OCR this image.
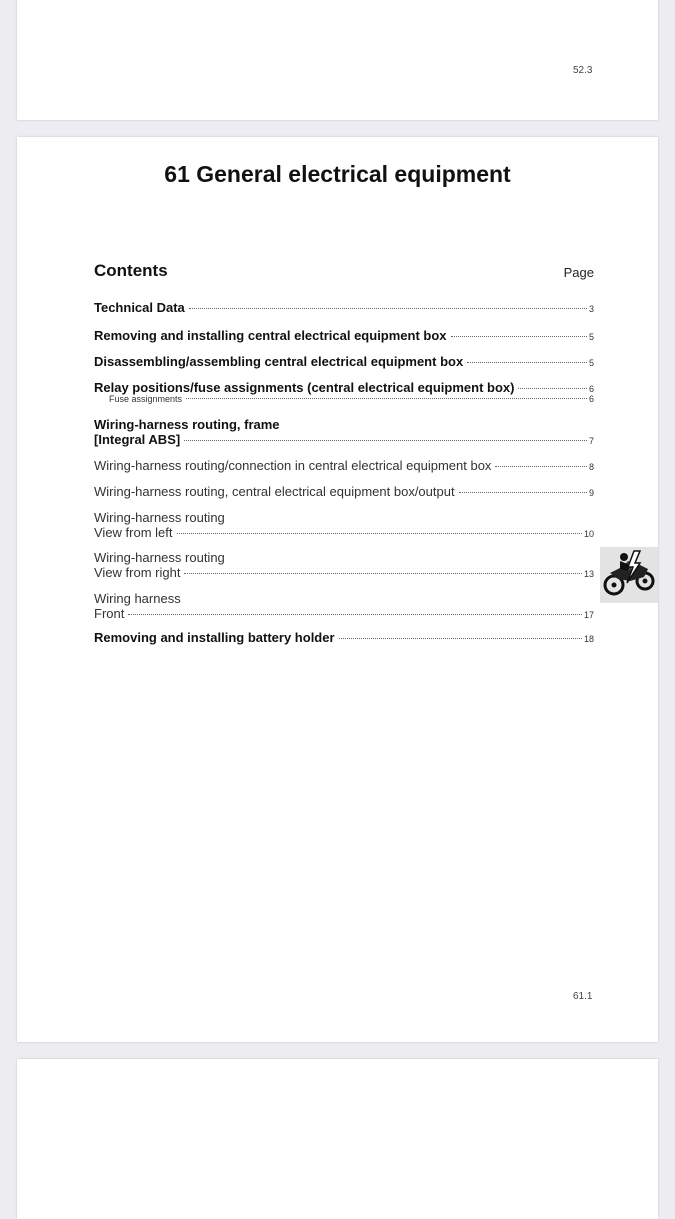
52.3
61 General electrical equipment
Contents	Page
Technical Data	3
Removing and installing central electrical equipment box	5
Disassembling/assembling central electrical equipment box	5
Relay positions/fuse assignments (central electrical equipment box)	6
Fuse assignments	6
Wiring-harness routing, frame
[Integral ABS]	7
Wiring-harness routing/connection in central electrical equipment box	8
Wiring-harness routing, central electrical equipment box/output	9
Wiring-harness routing
View from left	10
Wiring-harness routing
View from right	13
Wiring harness
Front	17
Removing and installing battery holder	18
61.1
